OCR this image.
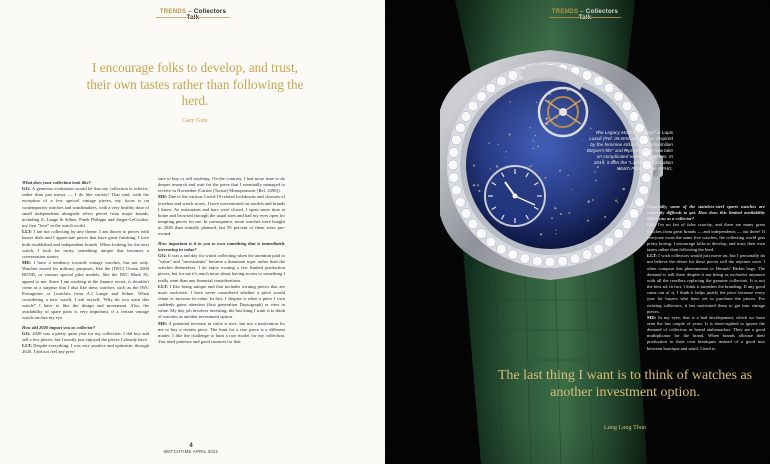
TRENDS – Collectors Talk
I encourage folks to develop, and trust, their own tastes rather than following the herd.
Gary Getz

What does your collection look like?

GG: A generous evaluation would be that my collection is eclectic, rather than just messy — I do like variety! That said, with the exception of a few special vintage pieces, my focus is on contemporary watches and watchmakers, with a very healthy dose of small independents alongside select pieces from major brands, including A. Lange & Söhne, Patek Philippe and Jaeger-LeCoultre, my first "love" in the watch world.

LLT: I am not collecting by any theme. I am drawn to pieces with busier dials and I appreciate pieces that have great finishing. I love both established and independent brands. When looking for the next watch, I look for rarity, something unique that becomes a conversation starter.

MD: I have a tendency towards vintage watches, but not only. Watches issued for military purposes, like the [IWC] Ocean 2000 BUND, or various special pilot models, like the IWC Mark XI, appeal to me. Since I am working in the finance sector, it shouldn't come as a surprise that I also like dress watches, such as the IWC Portugieser or [watches from A.] Lange and Söhne. When considering a new watch, I ask myself, 'Why do you want this watch?' I have to like the design and movement. Also, the availability of spare parts is very important, if a certain vintage watch catches my eye.

How did 2020 impact you as collector?

GG: 2020 was a pretty quiet year for my collection. I did buy and sell a few pieces, but I mostly just enjoyed the pieces I already have.

LLT: Despite everything, I was very positive and optimistic through 2020. I did not feel any pres-

sure to buy or sell anything. On the contrary, I had more time to do deeper research and wait for the piece that I eventually managed to receive in November (Cartier [Tortue] Monopoussoir [Ref. 2396]).

MD: Due to the various Covid-19 related lockdowns and closures of jewelers and watch stores, I have concentrated on models and brands I know. As restaurants and bars were closed, I spent more time at home and browsed through the usual sites and had my eyes open for tempting pieces for me. In consequence, more watches were bought in 2020 than initially planned, but 95 percent of them were pre-owned.

How important is it to you to own something that is immediately increasing in value?

GG: It was a sad day for watch collecting when the attention paid to "value" and "investments" became a dominant topic rather than the watches themselves. I do enjoy owning a few limited production pieces, but for me it's much more about having access to something I really want than any financial considerations.

LLT: I like being unique and that includes owning pieces that are more exclusive. I have never considered whether a piece would retain or increase in value. In fact, I despise it when a piece I own suddenly gains attention (first generation Daytograph) or rises in value. My day job involves investing; the last thing I want is to think of watches as another investment option.

MD: A potential increase in value is nice, but not a motivation for me to buy a certain piece. The hunt for a rare piece is a different matter. I like the challenge to hunt a rare model for my collection. You need patience and good contacts for that.

4
WATCHTIME APRIL 2021
TRENDS – Collectors Talk
The Legacy Machine FlyingT in Lapis Lazuli (Ref. 05.WSL.WLP) was "inspired by the feminine influences in Maximilian Büsser's life" and represented a new take on complicated women's watches. In 2019, it won the "Ladies' Complication Watch Prize" at the GPHG.

Especially, some of the stainless-steel sports watches are currently difficult to get. How does this limited availability affect you as a collector?

GG: I'm no fan of false scarcity, and there are many great watches from great brands — and independents — out there! If everyone owns the same five watches, the collecting world gets pretty boring. I encourage folks to develop, and trust, their own tastes rather than following the herd.

LLT: I wish collectors would just move on, but I personally do not believe the desire for these pieces will die anytime soon. I often compare this phenomenon to Hermès' Birkin bags. The demand is still there despite it not being as exclusive anymore with all the resellers replacing the genuine collectors. It is not the best ad; in fact, I think it tarnishes the branding. If any good came out of it, I think it helps justify the price increase every year for buyers who have yet to purchase the pieces. For existing collectors, it has motivated them to get into vintage pieces.

MD: In my eyes, that is a bad development, which we have seen the last couple of years. It is short-sighted to ignore the demand of collectors as brand ambassadors. They are a good multiplicator for the brand. When brands allocate their production to their own boutiques instead of a good mix between boutique and retail, I tend to

The last thing I want is to think of watches as another investment option.
Lung Lung Thun
